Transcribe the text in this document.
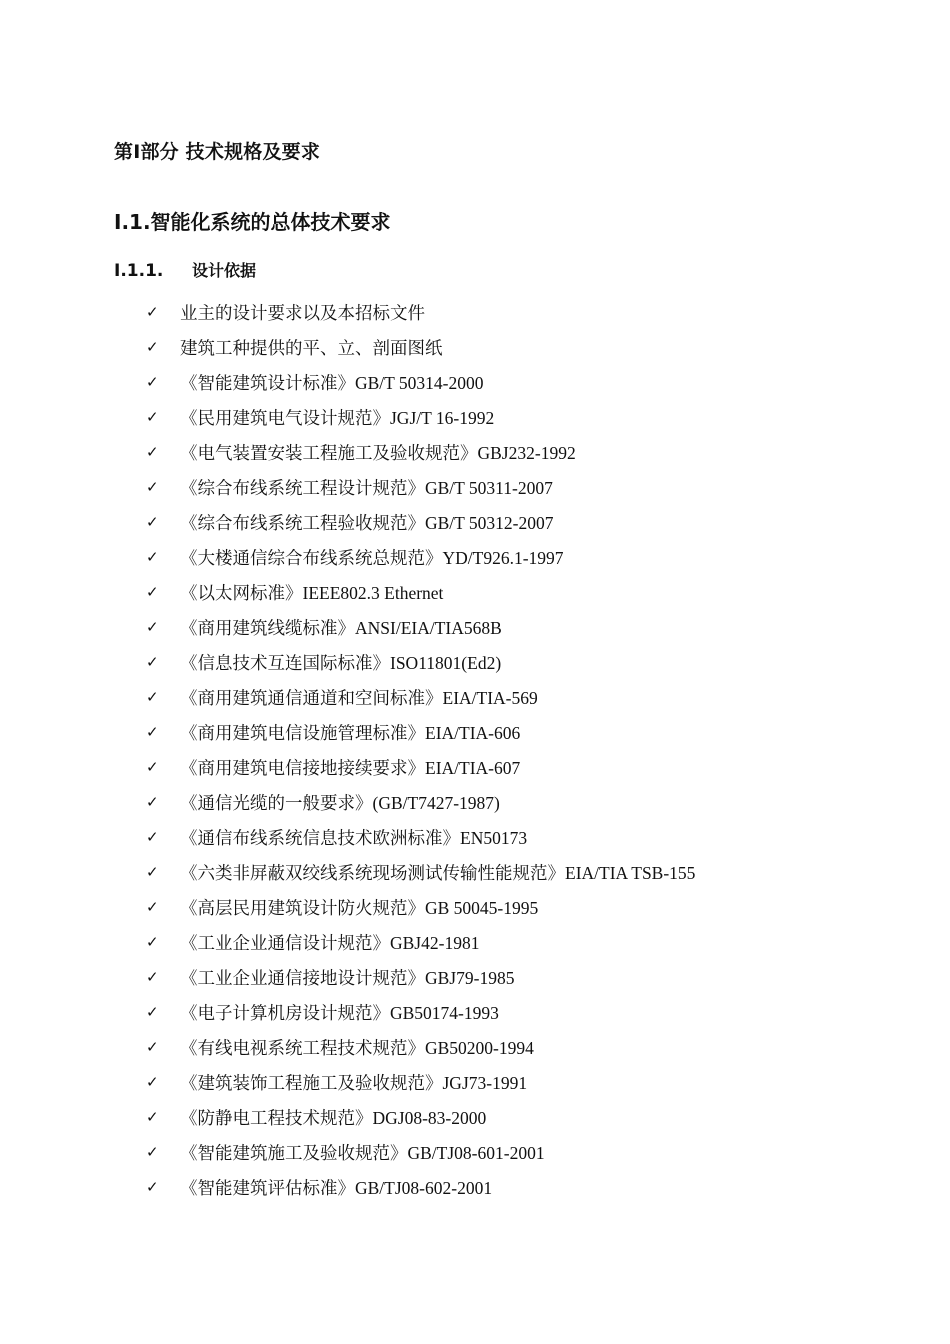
第I部分 技术规格及要求
I.1.智能化系统的总体技术要求
I.1.1. 设计依据
✓ 业主的设计要求以及本招标文件
✓ 建筑工种提供的平、立、剖面图纸
✓ 《智能建筑设计标准》GB/T 50314-2000
✓ 《民用建筑电气设计规范》JGJ/T 16-1992
✓ 《电气装置安装工程施工及验收规范》GBJ232-1992
✓ 《综合布线系统工程设计规范》GB/T 50311-2007
✓ 《综合布线系统工程验收规范》GB/T 50312-2007
✓ 《大楼通信综合布线系统总规范》YD/T926.1-1997
✓ 《以太网标准》IEEE802.3 Ethernet
✓ 《商用建筑线缆标准》ANSI/EIA/TIA568B
✓ 《信息技术互连国际标准》ISO11801(Ed2)
✓ 《商用建筑通信通道和空间标准》EIA/TIA-569
✓ 《商用建筑电信设施管理标准》EIA/TIA-606
✓ 《商用建筑电信接地接续要求》EIA/TIA-607
✓ 《通信光缆的一般要求》(GB/T7427-1987)
✓ 《通信布线系统信息技术欧洲标准》EN50173
✓ 《六类非屏蔽双绞线系统现场测试传输性能规范》EIA/TIA TSB-155
✓ 《高层民用建筑设计防火规范》GB 50045-1995
✓ 《工业企业通信设计规范》GBJ42-1981
✓ 《工业企业通信接地设计规范》GBJ79-1985
✓ 《电子计算机房设计规范》GB50174-1993
✓ 《有线电视系统工程技术规范》GB50200-1994
✓ 《建筑装饰工程施工及验收规范》JGJ73-1991
✓ 《防静电工程技术规范》DGJ08-83-2000
✓ 《智能建筑施工及验收规范》GB/TJ08-601-2001
✓ 《智能建筑评估标准》GB/TJ08-602-2001
